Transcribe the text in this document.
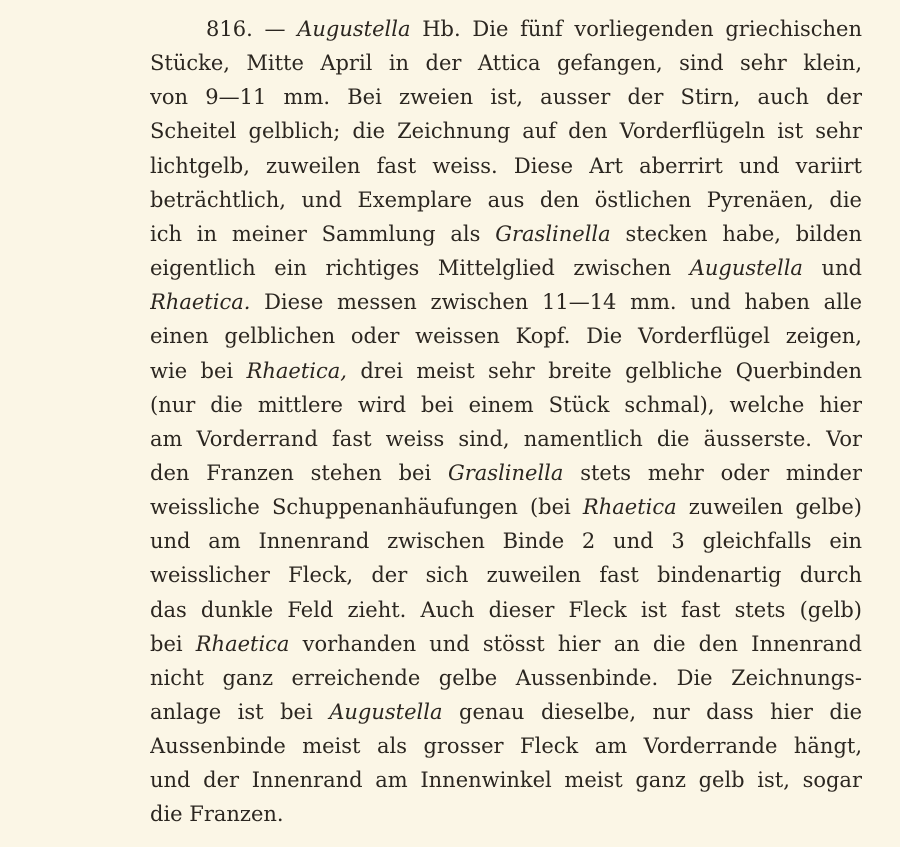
816. — Augustella Hb. Die fünf vorliegenden griechischen
Stücke, Mitte April in der Attica gefangen, sind sehr klein,
von 9—11 mm. Bei zweien ist, ausser der Stirn, auch der
Scheitel gelblich; die Zeichnung auf den Vorderflügeln ist sehr
lichtgelb, zuweilen fast weiss. Diese Art aberrirt und variirt
beträchtlich, und Exemplare aus den östlichen Pyrenäen, die
ich in meiner Sammlung als Graslinella stecken habe, bilden
eigentlich ein richtiges Mittelglied zwischen Augustella und
Rhaetica. Diese messen zwischen 11—14 mm. und haben alle
einen gelblichen oder weissen Kopf. Die Vorderflügel zeigen,
wie bei Rhaetica, drei meist sehr breite gelbliche Querbinden
(nur die mittlere wird bei einem Stück schmal), welche hier
am Vorderrand fast weiss sind, namentlich die äusserste. Vor
den Franzen stehen bei Graslinella stets mehr oder minder
weissliche Schuppenanhäufungen (bei Rhaetica zuweilen gelbe)
und am Innenrand zwischen Binde 2 und 3 gleichfalls ein
weisslicher Fleck, der sich zuweilen fast bindenartig durch
das dunkle Feld zieht. Auch dieser Fleck ist fast stets (gelb)
bei Rhaetica vorhanden und stösst hier an die den Innenrand
nicht ganz erreichende gelbe Aussenbinde. Die Zeichnungs-
anlage ist bei Augustella genau dieselbe, nur dass hier die
Aussenbinde meist als grosser Fleck am Vorderrande hängt,
und der Innenrand am Innenwinkel meist ganz gelb ist, sogar
die Franzen.
